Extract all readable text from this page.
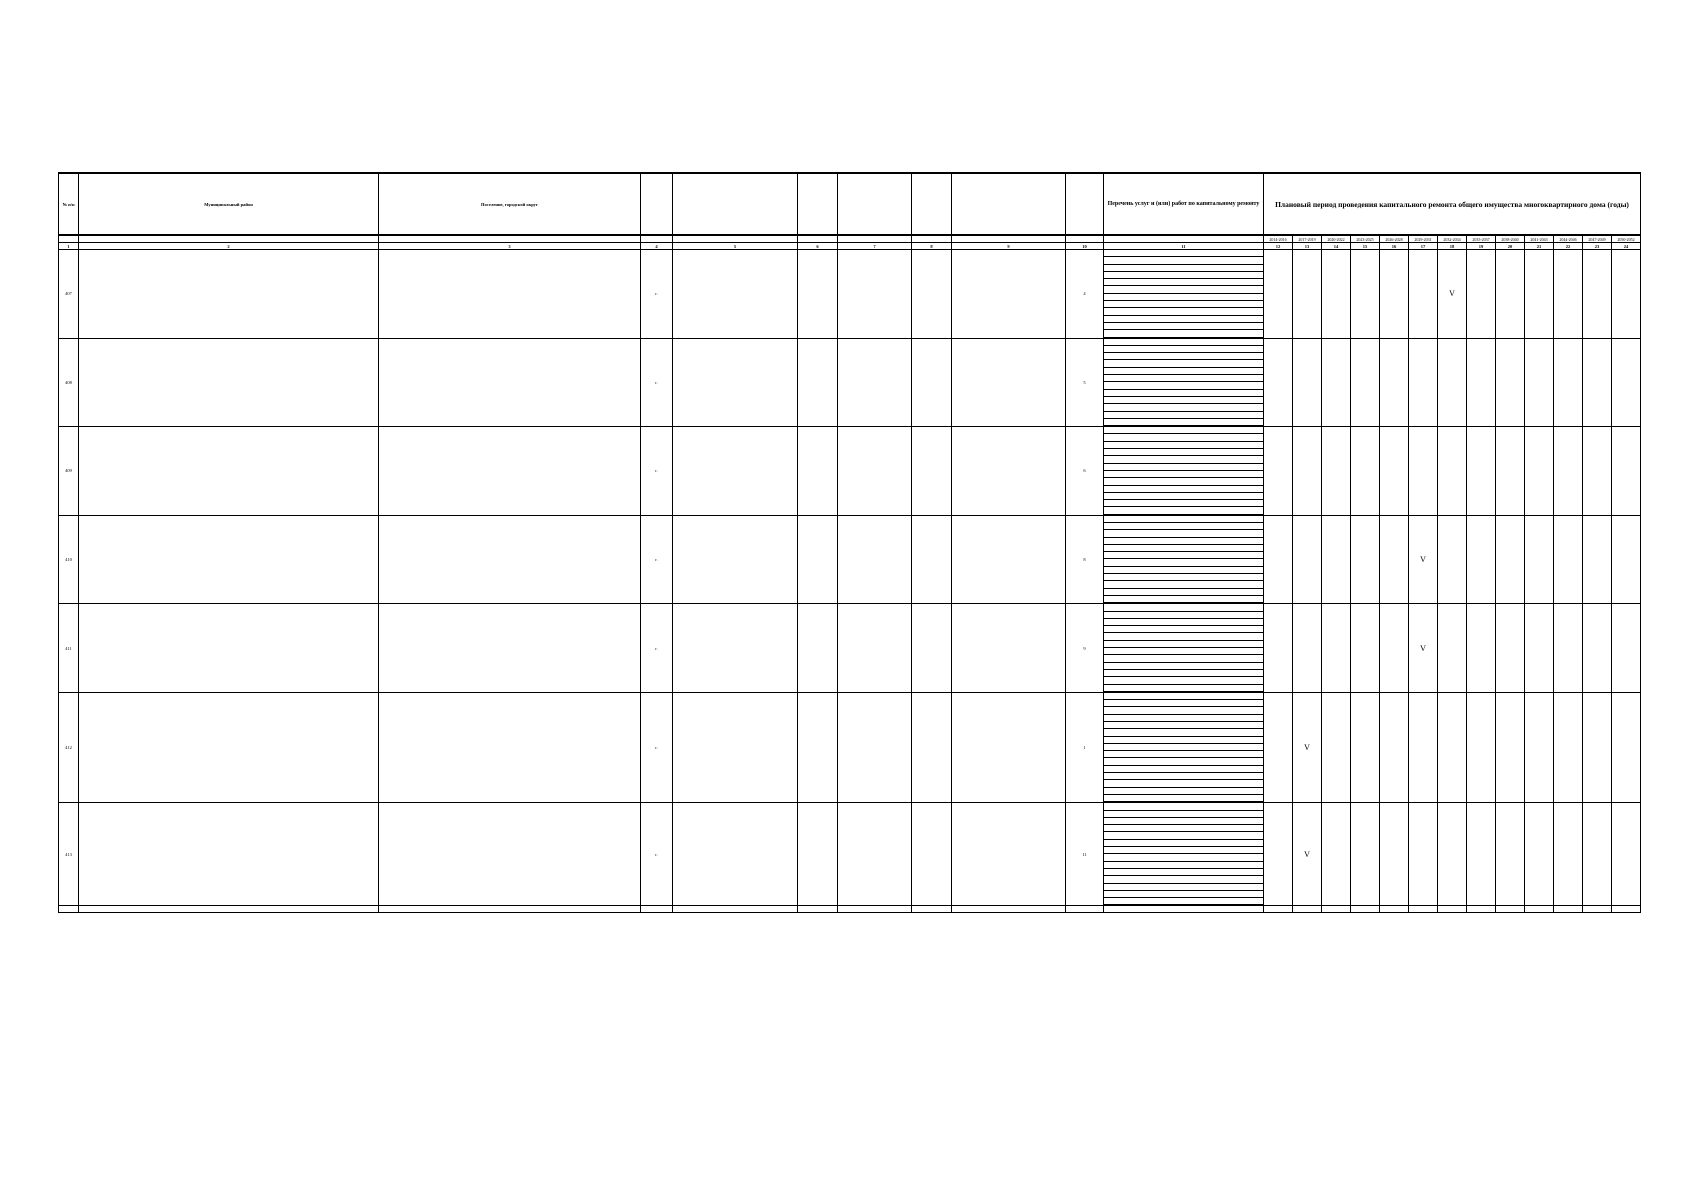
№ п/п	Муниципальный район	Поселение, городской округ								Перечень услуг и (или) работ по капитальному ремонту	Плановый период проведения капитального ремонта общего имущества многоквартирного дома (годы)												
											2014-2016	2017-2019	2020-2022	2023-2025	2026-2028	2029-2031	2032-2034	2035-2037	2038-2040	2041-2043	2044-2046	2047-2049	2050-2052
1	2	3	4	5	6	7	8	9	10	11	12	13	14	15	16	17	18	19	20	21	22	23	24
407			г.						4								V						
408			г.						5	

409			г.						6	

410			г.						8							V							
411			г.						9							V							
412			г.						1			V											
413			г.						11			V											
